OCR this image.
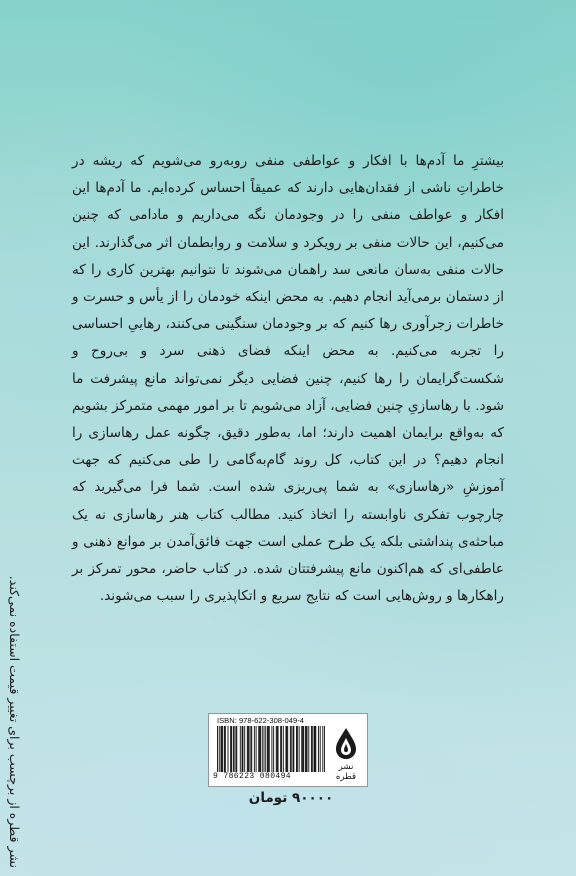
بیشترِ ما آدم‌ها با افکار و عواطفی منفی روبه‌رو می‌شویم که ریشه در خاطراتِ ناشی از فقدان‌هایی دارند که عمیقاً احساس کرده‌ایم. ما آدم‌ها این افکار و عواطف منفی را در وجودمان نگه می‌داریم و مادامی که چنین می‌کنیم، این حالات منفی بر رویکرد و سلامت و روابطمان اثر می‌گذارند. این حالات منفی به‌سان مانعی سد راهمان می‌شوند تا نتوانیم بهترین کاری را که از دستمان برمی‌آید انجام دهیم. به محض اینکه خودمان را از یأس و حسرت و خاطرات زجرآوری رها کنیم که بر وجودمان سنگینی می‌کنند، رهاییِ احساسی را تجربه می‌کنیم. به محض اینکه فضای ذهنی سرد و بی‌روح و شکست‌گرایمان را رها کنیم، چنین فضایی دیگر نمی‌تواند مانع پیشرفت ما شود. با رهاسازیِ چنین فضایی، آزاد می‌شویم تا بر امور مهمی متمرکز بشویم که به‌واقع برایمان اهمیت دارند؛ اما، به‌طور دقیق، چگونه عمل رهاسازی را انجام دهیم؟ در این کتاب، کل روند گام‌به‌گامی را طی می‌کنیم که جهت آموزشِ «رهاسازی» به شما پی‌ریزی شده است. شما فرا می‌گیرید که چارچوب تفکری ناوابسته را اتخاذ کنید. مطالب کتاب هنر رهاسازی نه یک مباحثه‌ی پنداشتی بلکه یک طرح عملی است جهت فائق‌آمدن بر موانع ذهنی و عاطفی‌ای که هم‌اکنون مانع پیشرفتتان شده. در کتاب حاضر، محور تمرکز بر راهکارها و روش‌هایی است که نتایج سریع و اتکاپذیری را سبب می‌شوند.
نشر قطره از برچسب برای تغییر قیمت استفاده نمی‌کند.	ISBN: 978-622-308-049-4
9 786223 080494
نشر قطره
۹۰۰۰۰ تومان
